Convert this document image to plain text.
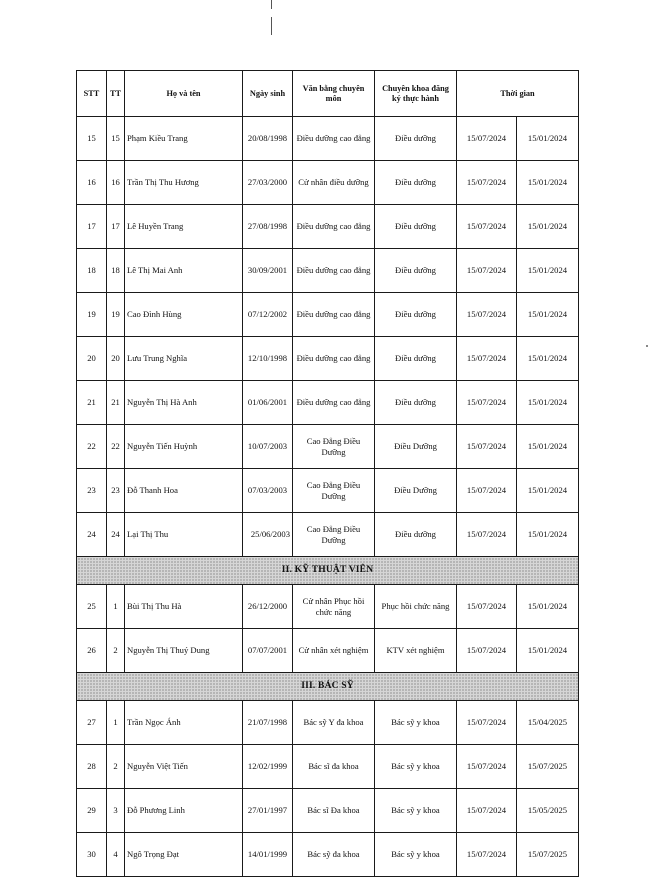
STT	TT	Họ và tên	Ngày sinh	Văn bằng chuyên môn	Chuyên khoa đăng ký thực hành	Thời gian	
15	15	Phạm Kiều Trang	20/08/1998	Điều dưỡng cao đẳng	Điều dưỡng	15/07/2024	15/01/2024
16	16	Trần Thị Thu Hương	27/03/2000	Cử nhân điều dưỡng	Điều dưỡng	15/07/2024	15/01/2024
17	17	Lê Huyền Trang	27/08/1998	Điều dưỡng cao đẳng	Điều dưỡng	15/07/2024	15/01/2024
18	18	Lê Thị Mai Anh	30/09/2001	Điều dưỡng cao đẳng	Điều dưỡng	15/07/2024	15/01/2024
19	19	Cao Đình Hùng	07/12/2002	Điều dưỡng cao đẳng	Điều dưỡng	15/07/2024	15/01/2024
20	20	Lưu Trung Nghĩa	12/10/1998	Điều dưỡng cao đẳng	Điều dưỡng	15/07/2024	15/01/2024
21	21	Nguyễn Thị Hà Anh	01/06/2001	Điều dưỡng cao đẳng	Điều dưỡng	15/07/2024	15/01/2024
22	22	Nguyễn Tiến Huỳnh	10/07/2003	Cao Đẳng Điều Dưỡng	Điều Dưỡng	15/07/2024	15/01/2024
23	23	Đỗ Thanh Hoa	07/03/2003	Cao Đẳng Điều Dưỡng	Điều Dưỡng	15/07/2024	15/01/2024
24	24	Lại Thị Thu	25/06/2003	Cao Đẳng Điều Dưỡng	Điều dưỡng	15/07/2024	15/01/2024
II. KỸ THUẬT VIÊN							
25	1	Bùi Thị Thu Hà	26/12/2000	Cử nhân Phục hồi chức năng	Phục hồi chức năng	15/07/2024	15/01/2024
26	2	Nguyễn Thị Thuý Dung	07/07/2001	Cử nhân xét nghiệm	KTV xét nghiệm	15/07/2024	15/01/2024
III. BÁC SỸ							
27	1	Trần Ngọc Ánh	21/07/1998	Bác sỹ Y đa khoa	Bác sỹ y khoa	15/07/2024	15/04/2025
28	2	Nguyễn Việt Tiến	12/02/1999	Bác sĩ đa khoa	Bác sỹ y khoa	15/07/2024	15/07/2025
29	3	Đỗ Phương Linh	27/01/1997	Bác sĩ Đa khoa	Bác sỹ y khoa	15/07/2024	15/05/2025
30	4	Ngô Trọng Đạt	14/01/1999	Bác sỹ đa khoa	Bác sỹ y khoa	15/07/2024	15/07/2025
